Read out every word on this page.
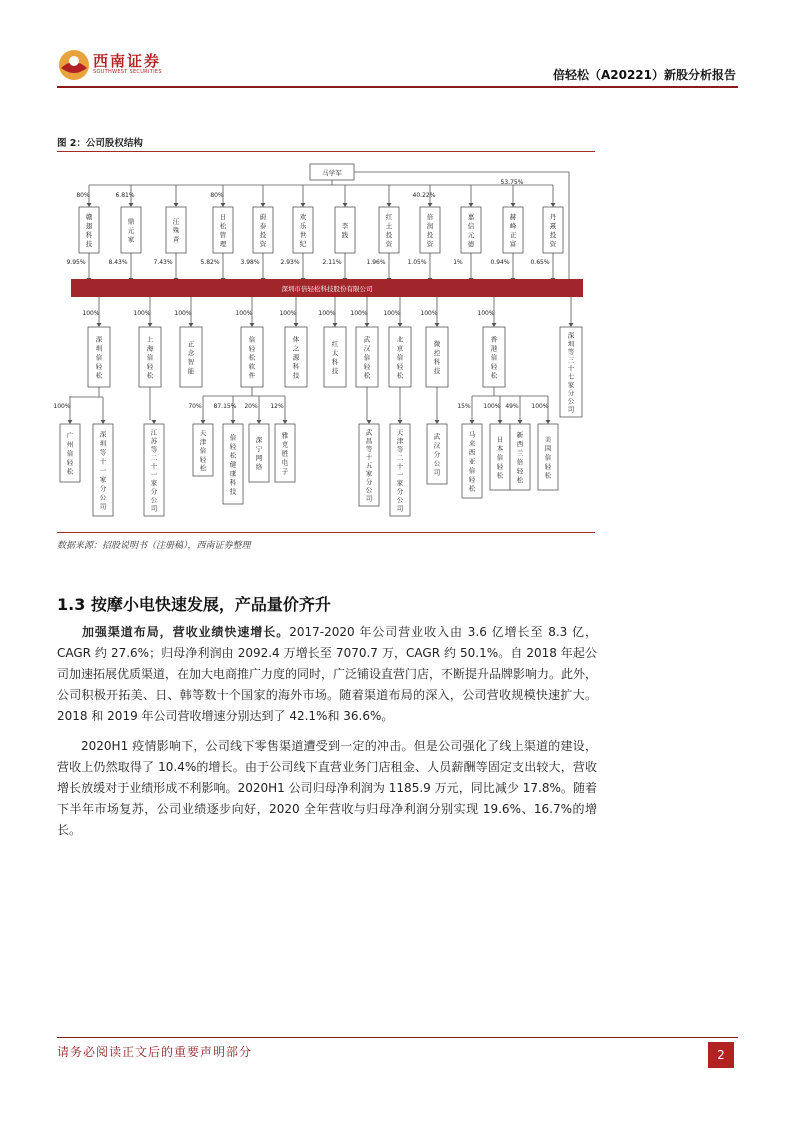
西南证券
SOUTHWEST SECURITIES	倍轻松（A20221）新股分析报告
图 2：公司股权结构
马学军
53.75%
80%
赣
翅
科
技
9.95%
6.81%
鼎
元
家
8.43%
汪
殊
青
7.43%
80%
日
松
管
理
5.82%
蔚
泰
投
资
3.98%
欢
乐
世
纪
2.93%
李
践
2.11%
红
土
投
资
1.96%
40.22%
倍
润
投
资
1.05%
嘉
信
元
德
1%
赫
峰
正
富
0.94%
丹
熹
投
资
0.65%
深圳市倍轻松科技股份有限公司
100%
深
圳
倍
轻
松
100%
上
海
倍
轻
松
100%
正
念
智
能
100%
倍
轻
松
软
件
100%
体
之
源
科
技
100%
红
太
科
技
100%
武
汉
倍
轻
松
100%
北
京
倍
轻
松
100%
微
控
科
技
100%
香
港
倍
轻
松
深
圳
等
三
十
七
家
分
公
司
100%
广
州
倍
轻
松
深
圳
等
十
一
家
分
公
司
江
苏
等
二
十
一
家
分
公
司
70%
天
津
倍
轻
松
87.15%
倍
轻
松
健
康
科
技
20%
深
宁
网
络
12%
雅
克
胜
电
子
武
昌
等
十
五
家
分
公
司
天
津
等
二
十
一
家
分
公
司
武
汉
分
公
司
15%
马
来
西
亚
倍
轻
松
100%
日
本
倍
轻
松
49%
新
西
兰
倍
轻
松
100%
美
国
倍
轻
松
数据来源：招股说明书（注册稿），西南证券整理
1.3 按摩小电快速发展，产品量价齐升
加强渠道布局，营收业绩快速增长。2017-2020 年公司营业收入由 3.6 亿增长至 8.3 亿，CAGR 约 27.6%；归母净利润由 2092.4 万增长至 7070.7 万，CAGR 约 50.1%。自 2018 年起公司加速拓展优质渠道，在加大电商推广力度的同时，广泛铺设直营门店，不断提升品牌影响力。此外，公司积极开拓美、日、韩等数十个国家的海外市场。随着渠道布局的深入，公司营收规模快速扩大。2018 和 2019 年公司营收增速分别达到了 42.1%和 36.6%。
2020H1 疫情影响下，公司线下零售渠道遭受到一定的冲击。但是公司强化了线上渠道的建设，营收上仍然取得了 10.4%的增长。由于公司线下直营业务门店租金、人员薪酬等固定支出较大，营收增长放缓对于业绩形成不利影响。2020H1 公司归母净利润为 1185.9 万元，同比减少 17.8%。随着下半年市场复苏，公司业绩逐步向好，2020 全年营收与归母净利润分别实现 19.6%、16.7%的增长。
请务必阅读正文后的重要声明部分	2
